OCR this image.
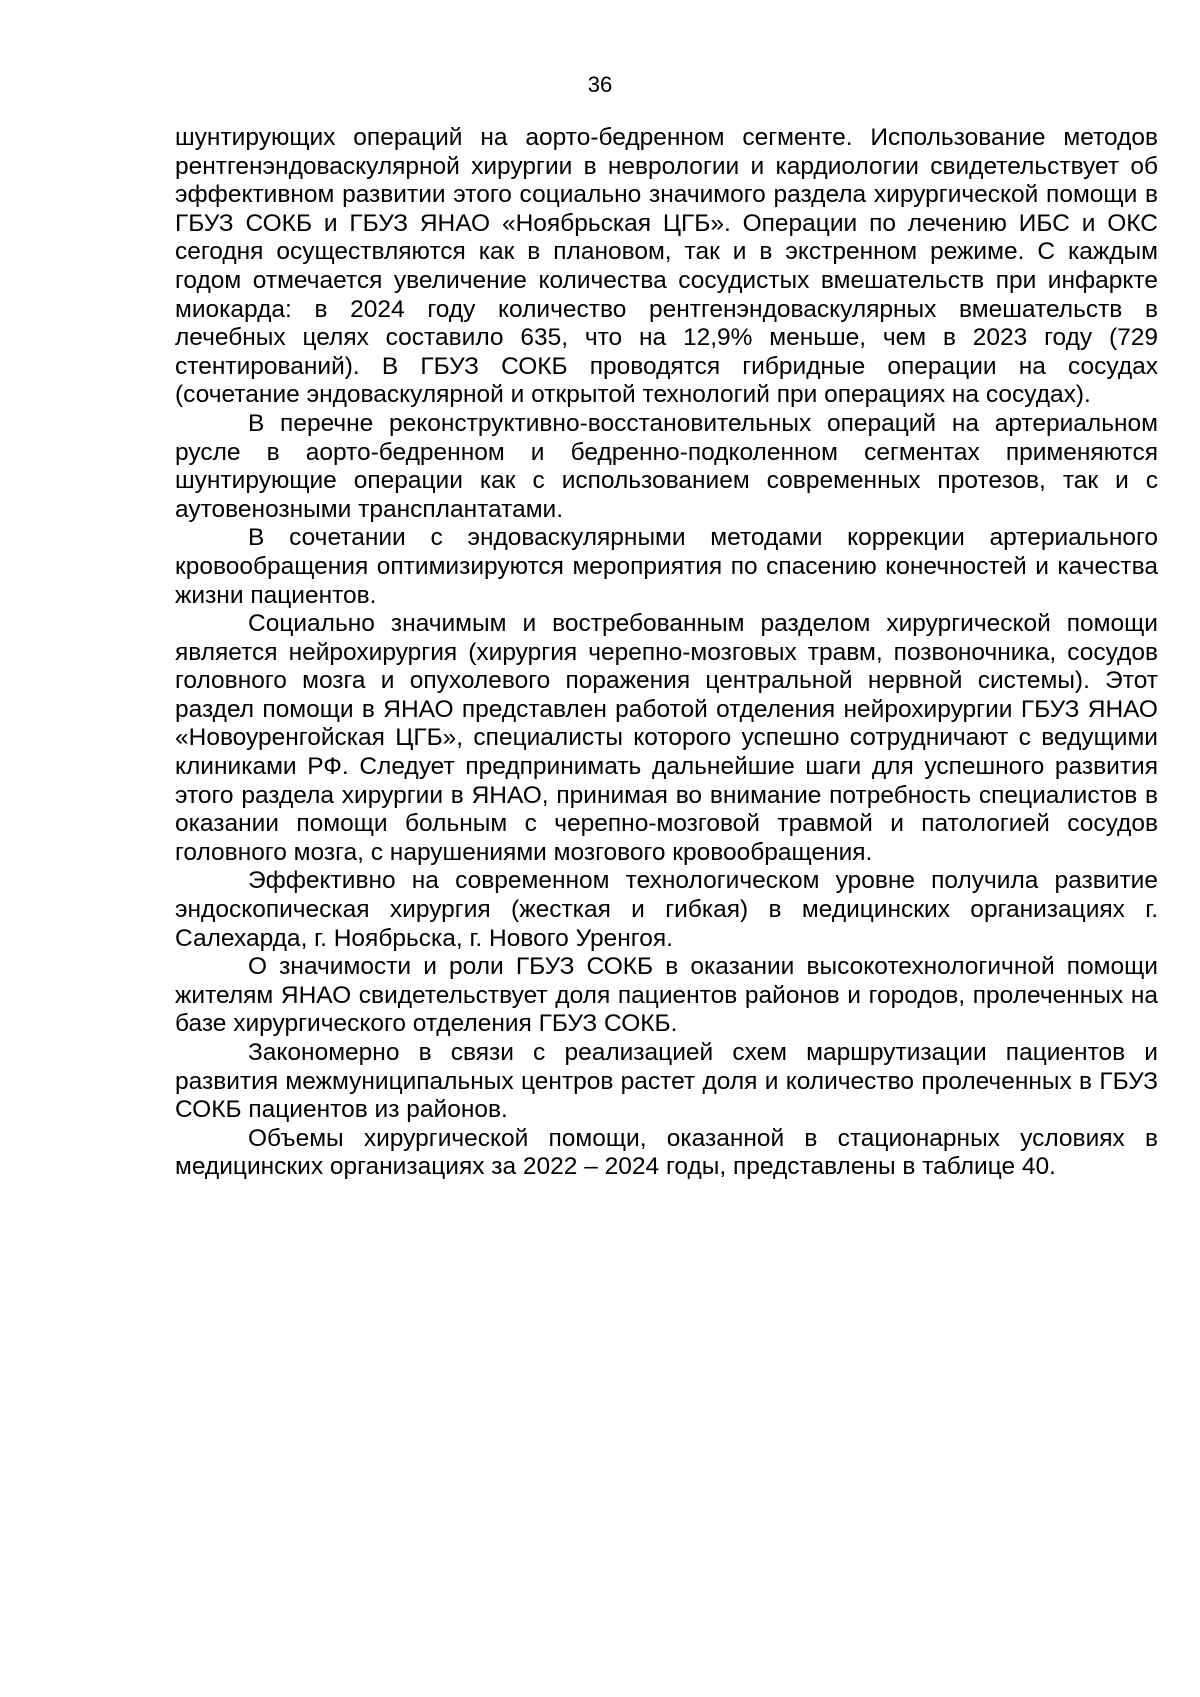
36

шунтирующих операций на аорто-бедренном сегменте. Использование методов рентгенэндоваскулярной хирургии в неврологии и кардиологии свидетельствует об эффективном развитии этого социально значимого раздела хирургической помощи в ГБУЗ СОКБ и ГБУЗ ЯНАО «Ноябрьская ЦГБ». Операции по лечению ИБС и ОКС сегодня осуществляются как в плановом, так и в экстренном режиме. С каждым годом отмечается увеличение количества сосудистых вмешательств при инфаркте миокарда: в 2024 году количество рентгенэндоваскулярных вмешательств в лечебных целях составило 635, что на 12,9% меньше, чем в 2023 году (729 стентирований). В ГБУЗ СОКБ проводятся гибридные операции на сосудах (сочетание эндоваскулярной и открытой технологий при операциях на сосудах).

В перечне реконструктивно-восстановительных операций на артериальном русле в аорто-бедренном и бедренно-подколенном сегментах применяются шунтирующие операции как с использованием современных протезов, так и с аутовенозными трансплантатами.

В сочетании с эндоваскулярными методами коррекции артериального кровообращения оптимизируются мероприятия по спасению конечностей и качества жизни пациентов.

Социально значимым и востребованным разделом хирургической помощи является нейрохирургия (хирургия черепно-мозговых травм, позвоночника, сосудов головного мозга и опухолевого поражения центральной нервной системы). Этот раздел помощи в ЯНАО представлен работой отделения нейрохирургии ГБУЗ ЯНАО «Новоуренгойская ЦГБ», специалисты которого успешно сотрудничают с ведущими клиниками РФ. Следует предпринимать дальнейшие шаги для успешного развития этого раздела хирургии в ЯНАО, принимая во внимание потребность специалистов в оказании помощи больным с черепно-мозговой травмой и патологией сосудов головного мозга, с нарушениями мозгового кровообращения.

Эффективно на современном технологическом уровне получила развитие эндоскопическая хирургия (жесткая и гибкая) в медицинских организациях г. Салехарда, г. Ноябрьска, г. Нового Уренгоя.

О значимости и роли ГБУЗ СОКБ в оказании высокотехнологичной помощи жителям ЯНАО свидетельствует доля пациентов районов и городов, пролеченных на базе хирургического отделения ГБУЗ СОКБ.

Закономерно в связи с реализацией схем маршрутизации пациентов и развития межмуниципальных центров растет доля и количество пролеченных в ГБУЗ СОКБ пациентов из районов.

Объемы хирургической помощи, оказанной в стационарных условиях в медицинских организациях за 2022 – 2024 годы, представлены в таблице 40.
